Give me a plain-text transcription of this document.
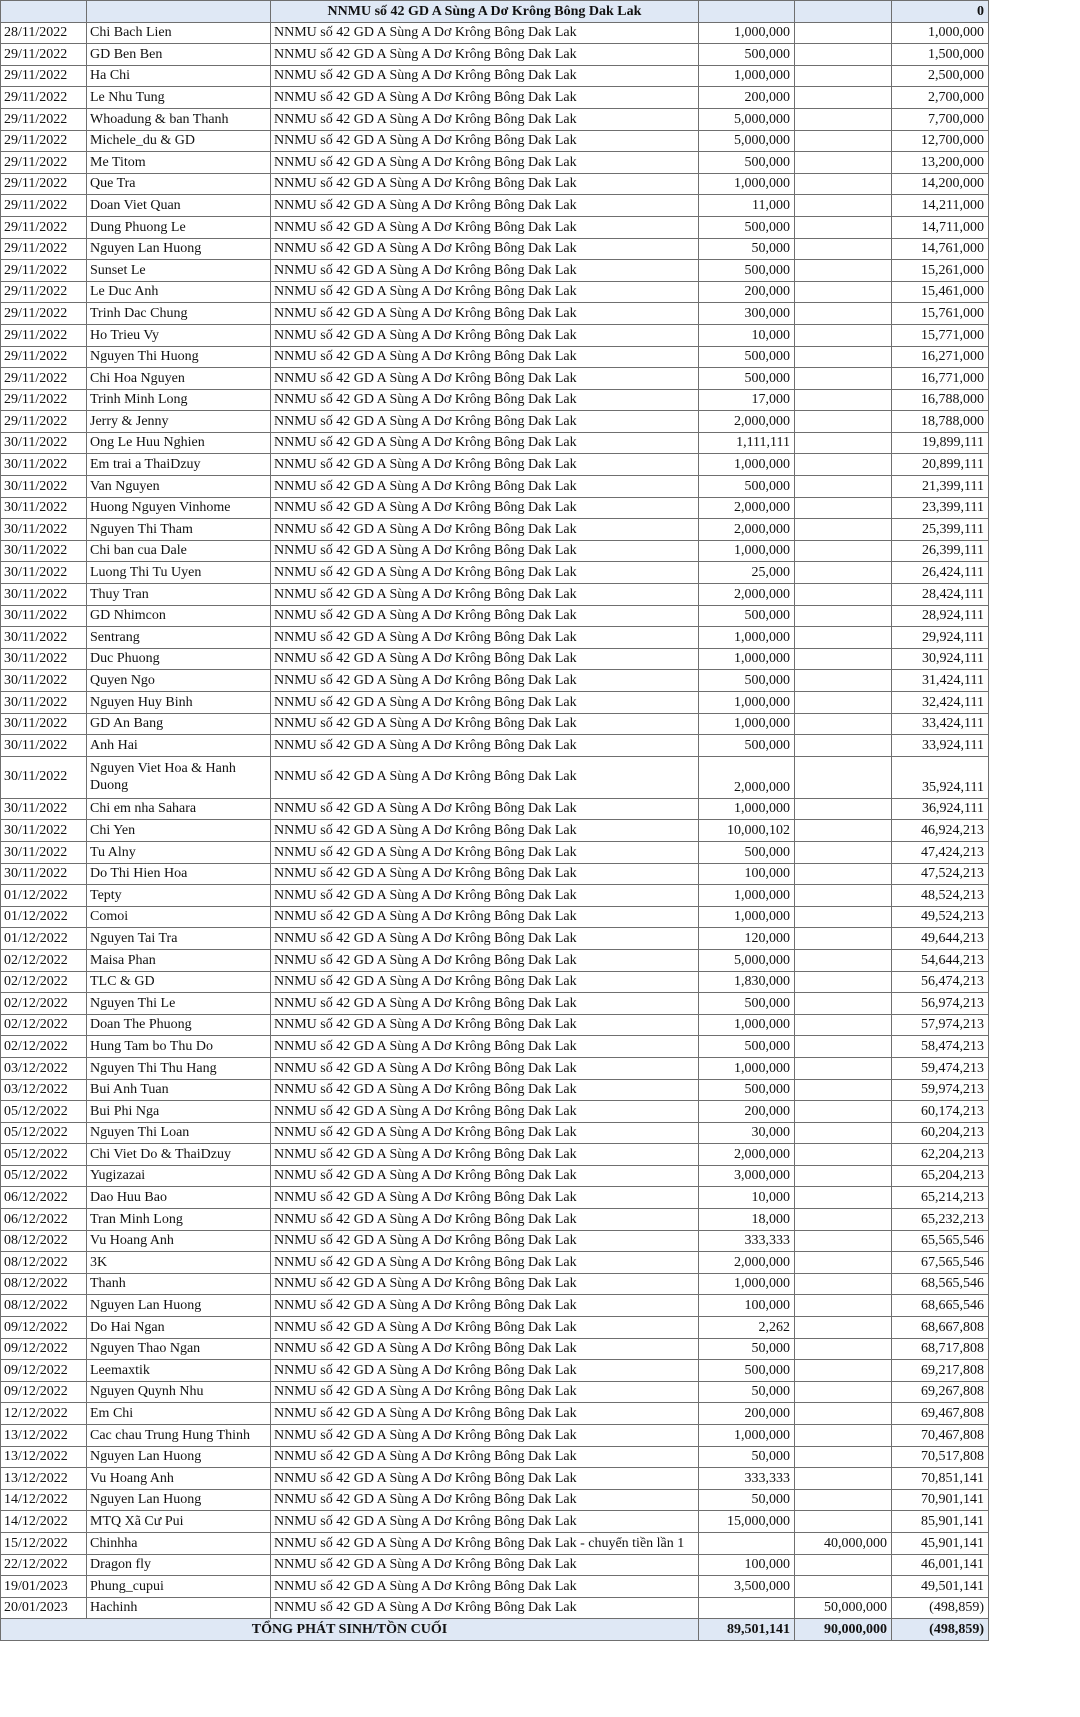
		NNMU số 42 GD A Sùng A Dơ Krông Bông Dak Lak			0
28/11/2022	Chi Bach Lien	NNMU số 42 GD A Sùng A Dơ Krông Bông Dak Lak	1,000,000		1,000,000
29/11/2022	GD Ben Ben	NNMU số 42 GD A Sùng A Dơ Krông Bông Dak Lak	500,000		1,500,000
29/11/2022	Ha Chi	NNMU số 42 GD A Sùng A Dơ Krông Bông Dak Lak	1,000,000		2,500,000
29/11/2022	Le Nhu Tung	NNMU số 42 GD A Sùng A Dơ Krông Bông Dak Lak	200,000		2,700,000
29/11/2022	Whoadung & ban Thanh	NNMU số 42 GD A Sùng A Dơ Krông Bông Dak Lak	5,000,000		7,700,000
29/11/2022	Michele_du & GD	NNMU số 42 GD A Sùng A Dơ Krông Bông Dak Lak	5,000,000		12,700,000
29/11/2022	Me Titom	NNMU số 42 GD A Sùng A Dơ Krông Bông Dak Lak	500,000		13,200,000
29/11/2022	Que Tra	NNMU số 42 GD A Sùng A Dơ Krông Bông Dak Lak	1,000,000		14,200,000
29/11/2022	Doan Viet Quan	NNMU số 42 GD A Sùng A Dơ Krông Bông Dak Lak	11,000		14,211,000
29/11/2022	Dung Phuong Le	NNMU số 42 GD A Sùng A Dơ Krông Bông Dak Lak	500,000		14,711,000
29/11/2022	Nguyen Lan Huong	NNMU số 42 GD A Sùng A Dơ Krông Bông Dak Lak	50,000		14,761,000
29/11/2022	Sunset Le	NNMU số 42 GD A Sùng A Dơ Krông Bông Dak Lak	500,000		15,261,000
29/11/2022	Le Duc Anh	NNMU số 42 GD A Sùng A Dơ Krông Bông Dak Lak	200,000		15,461,000
29/11/2022	Trinh Dac Chung	NNMU số 42 GD A Sùng A Dơ Krông Bông Dak Lak	300,000		15,761,000
29/11/2022	Ho Trieu Vy	NNMU số 42 GD A Sùng A Dơ Krông Bông Dak Lak	10,000		15,771,000
29/11/2022	Nguyen Thi Huong	NNMU số 42 GD A Sùng A Dơ Krông Bông Dak Lak	500,000		16,271,000
29/11/2022	Chi Hoa Nguyen	NNMU số 42 GD A Sùng A Dơ Krông Bông Dak Lak	500,000		16,771,000
29/11/2022	Trinh Minh Long	NNMU số 42 GD A Sùng A Dơ Krông Bông Dak Lak	17,000		16,788,000
29/11/2022	Jerry & Jenny	NNMU số 42 GD A Sùng A Dơ Krông Bông Dak Lak	2,000,000		18,788,000
30/11/2022	Ong Le Huu Nghien	NNMU số 42 GD A Sùng A Dơ Krông Bông Dak Lak	1,111,111		19,899,111
30/11/2022	Em trai a ThaiDzuy	NNMU số 42 GD A Sùng A Dơ Krông Bông Dak Lak	1,000,000		20,899,111
30/11/2022	Van Nguyen	NNMU số 42 GD A Sùng A Dơ Krông Bông Dak Lak	500,000		21,399,111
30/11/2022	Huong Nguyen Vinhome	NNMU số 42 GD A Sùng A Dơ Krông Bông Dak Lak	2,000,000		23,399,111
30/11/2022	Nguyen Thi Tham	NNMU số 42 GD A Sùng A Dơ Krông Bông Dak Lak	2,000,000		25,399,111
30/11/2022	Chi ban cua Dale	NNMU số 42 GD A Sùng A Dơ Krông Bông Dak Lak	1,000,000		26,399,111
30/11/2022	Luong Thi Tu Uyen	NNMU số 42 GD A Sùng A Dơ Krông Bông Dak Lak	25,000		26,424,111
30/11/2022	Thuy Tran	NNMU số 42 GD A Sùng A Dơ Krông Bông Dak Lak	2,000,000		28,424,111
30/11/2022	GD Nhimcon	NNMU số 42 GD A Sùng A Dơ Krông Bông Dak Lak	500,000		28,924,111
30/11/2022	Sentrang	NNMU số 42 GD A Sùng A Dơ Krông Bông Dak Lak	1,000,000		29,924,111
30/11/2022	Duc Phuong	NNMU số 42 GD A Sùng A Dơ Krông Bông Dak Lak	1,000,000		30,924,111
30/11/2022	Quyen Ngo	NNMU số 42 GD A Sùng A Dơ Krông Bông Dak Lak	500,000		31,424,111
30/11/2022	Nguyen Huy Binh	NNMU số 42 GD A Sùng A Dơ Krông Bông Dak Lak	1,000,000		32,424,111
30/11/2022	GD An Bang	NNMU số 42 GD A Sùng A Dơ Krông Bông Dak Lak	1,000,000		33,424,111
30/11/2022	Anh Hai	NNMU số 42 GD A Sùng A Dơ Krông Bông Dak Lak	500,000		33,924,111
30/11/2022	Nguyen Viet Hoa & Hanh Duong	NNMU số 42 GD A Sùng A Dơ Krông Bông Dak Lak	2,000,000		35,924,111
30/11/2022	Chi em nha Sahara	NNMU số 42 GD A Sùng A Dơ Krông Bông Dak Lak	1,000,000		36,924,111
30/11/2022	Chi Yen	NNMU số 42 GD A Sùng A Dơ Krông Bông Dak Lak	10,000,102		46,924,213
30/11/2022	Tu Alny	NNMU số 42 GD A Sùng A Dơ Krông Bông Dak Lak	500,000		47,424,213
30/11/2022	Do Thi Hien Hoa	NNMU số 42 GD A Sùng A Dơ Krông Bông Dak Lak	100,000		47,524,213
01/12/2022	Tepty	NNMU số 42 GD A Sùng A Dơ Krông Bông Dak Lak	1,000,000		48,524,213
01/12/2022	Comoi	NNMU số 42 GD A Sùng A Dơ Krông Bông Dak Lak	1,000,000		49,524,213
01/12/2022	Nguyen Tai Tra	NNMU số 42 GD A Sùng A Dơ Krông Bông Dak Lak	120,000		49,644,213
02/12/2022	Maisa Phan	NNMU số 42 GD A Sùng A Dơ Krông Bông Dak Lak	5,000,000		54,644,213
02/12/2022	TLC & GD	NNMU số 42 GD A Sùng A Dơ Krông Bông Dak Lak	1,830,000		56,474,213
02/12/2022	Nguyen Thi Le	NNMU số 42 GD A Sùng A Dơ Krông Bông Dak Lak	500,000		56,974,213
02/12/2022	Doan The Phuong	NNMU số 42 GD A Sùng A Dơ Krông Bông Dak Lak	1,000,000		57,974,213
02/12/2022	Hung Tam bo Thu Do	NNMU số 42 GD A Sùng A Dơ Krông Bông Dak Lak	500,000		58,474,213
03/12/2022	Nguyen Thi Thu Hang	NNMU số 42 GD A Sùng A Dơ Krông Bông Dak Lak	1,000,000		59,474,213
03/12/2022	Bui Anh Tuan	NNMU số 42 GD A Sùng A Dơ Krông Bông Dak Lak	500,000		59,974,213
05/12/2022	Bui Phi Nga	NNMU số 42 GD A Sùng A Dơ Krông Bông Dak Lak	200,000		60,174,213
05/12/2022	Nguyen Thi Loan	NNMU số 42 GD A Sùng A Dơ Krông Bông Dak Lak	30,000		60,204,213
05/12/2022	Chi Viet Do & ThaiDzuy	NNMU số 42 GD A Sùng A Dơ Krông Bông Dak Lak	2,000,000		62,204,213
05/12/2022	Yugizazai	NNMU số 42 GD A Sùng A Dơ Krông Bông Dak Lak	3,000,000		65,204,213
06/12/2022	Dao Huu Bao	NNMU số 42 GD A Sùng A Dơ Krông Bông Dak Lak	10,000		65,214,213
06/12/2022	Tran Minh Long	NNMU số 42 GD A Sùng A Dơ Krông Bông Dak Lak	18,000		65,232,213
08/12/2022	Vu Hoang Anh	NNMU số 42 GD A Sùng A Dơ Krông Bông Dak Lak	333,333		65,565,546
08/12/2022	3K	NNMU số 42 GD A Sùng A Dơ Krông Bông Dak Lak	2,000,000		67,565,546
08/12/2022	Thanh	NNMU số 42 GD A Sùng A Dơ Krông Bông Dak Lak	1,000,000		68,565,546
08/12/2022	Nguyen Lan Huong	NNMU số 42 GD A Sùng A Dơ Krông Bông Dak Lak	100,000		68,665,546
09/12/2022	Do Hai Ngan	NNMU số 42 GD A Sùng A Dơ Krông Bông Dak Lak	2,262		68,667,808
09/12/2022	Nguyen Thao Ngan	NNMU số 42 GD A Sùng A Dơ Krông Bông Dak Lak	50,000		68,717,808
09/12/2022	Leemaxtik	NNMU số 42 GD A Sùng A Dơ Krông Bông Dak Lak	500,000		69,217,808
09/12/2022	Nguyen Quynh Nhu	NNMU số 42 GD A Sùng A Dơ Krông Bông Dak Lak	50,000		69,267,808
12/12/2022	Em Chi	NNMU số 42 GD A Sùng A Dơ Krông Bông Dak Lak	200,000		69,467,808
13/12/2022	Cac chau Trung Hung Thinh	NNMU số 42 GD A Sùng A Dơ Krông Bông Dak Lak	1,000,000		70,467,808
13/12/2022	Nguyen Lan Huong	NNMU số 42 GD A Sùng A Dơ Krông Bông Dak Lak	50,000		70,517,808
13/12/2022	Vu Hoang Anh	NNMU số 42 GD A Sùng A Dơ Krông Bông Dak Lak	333,333		70,851,141
14/12/2022	Nguyen Lan Huong	NNMU số 42 GD A Sùng A Dơ Krông Bông Dak Lak	50,000		70,901,141
14/12/2022	MTQ Xã Cư Pui	NNMU số 42 GD A Sùng A Dơ Krông Bông Dak Lak	15,000,000		85,901,141
15/12/2022	Chinhha	NNMU số 42 GD A Sùng A Dơ Krông Bông Dak Lak - chuyển tiền lần 1		40,000,000	45,901,141
22/12/2022	Dragon fly	NNMU số 42 GD A Sùng A Dơ Krông Bông Dak Lak	100,000		46,001,141
19/01/2023	Phung_cupui	NNMU số 42 GD A Sùng A Dơ Krông Bông Dak Lak	3,500,000		49,501,141
20/01/2023	Hachinh	NNMU số 42 GD A Sùng A Dơ Krông Bông Dak Lak		50,000,000	(498,859)
TỔNG PHÁT SINH/TỒN CUỐI			89,501,141	90,000,000	(498,859)
